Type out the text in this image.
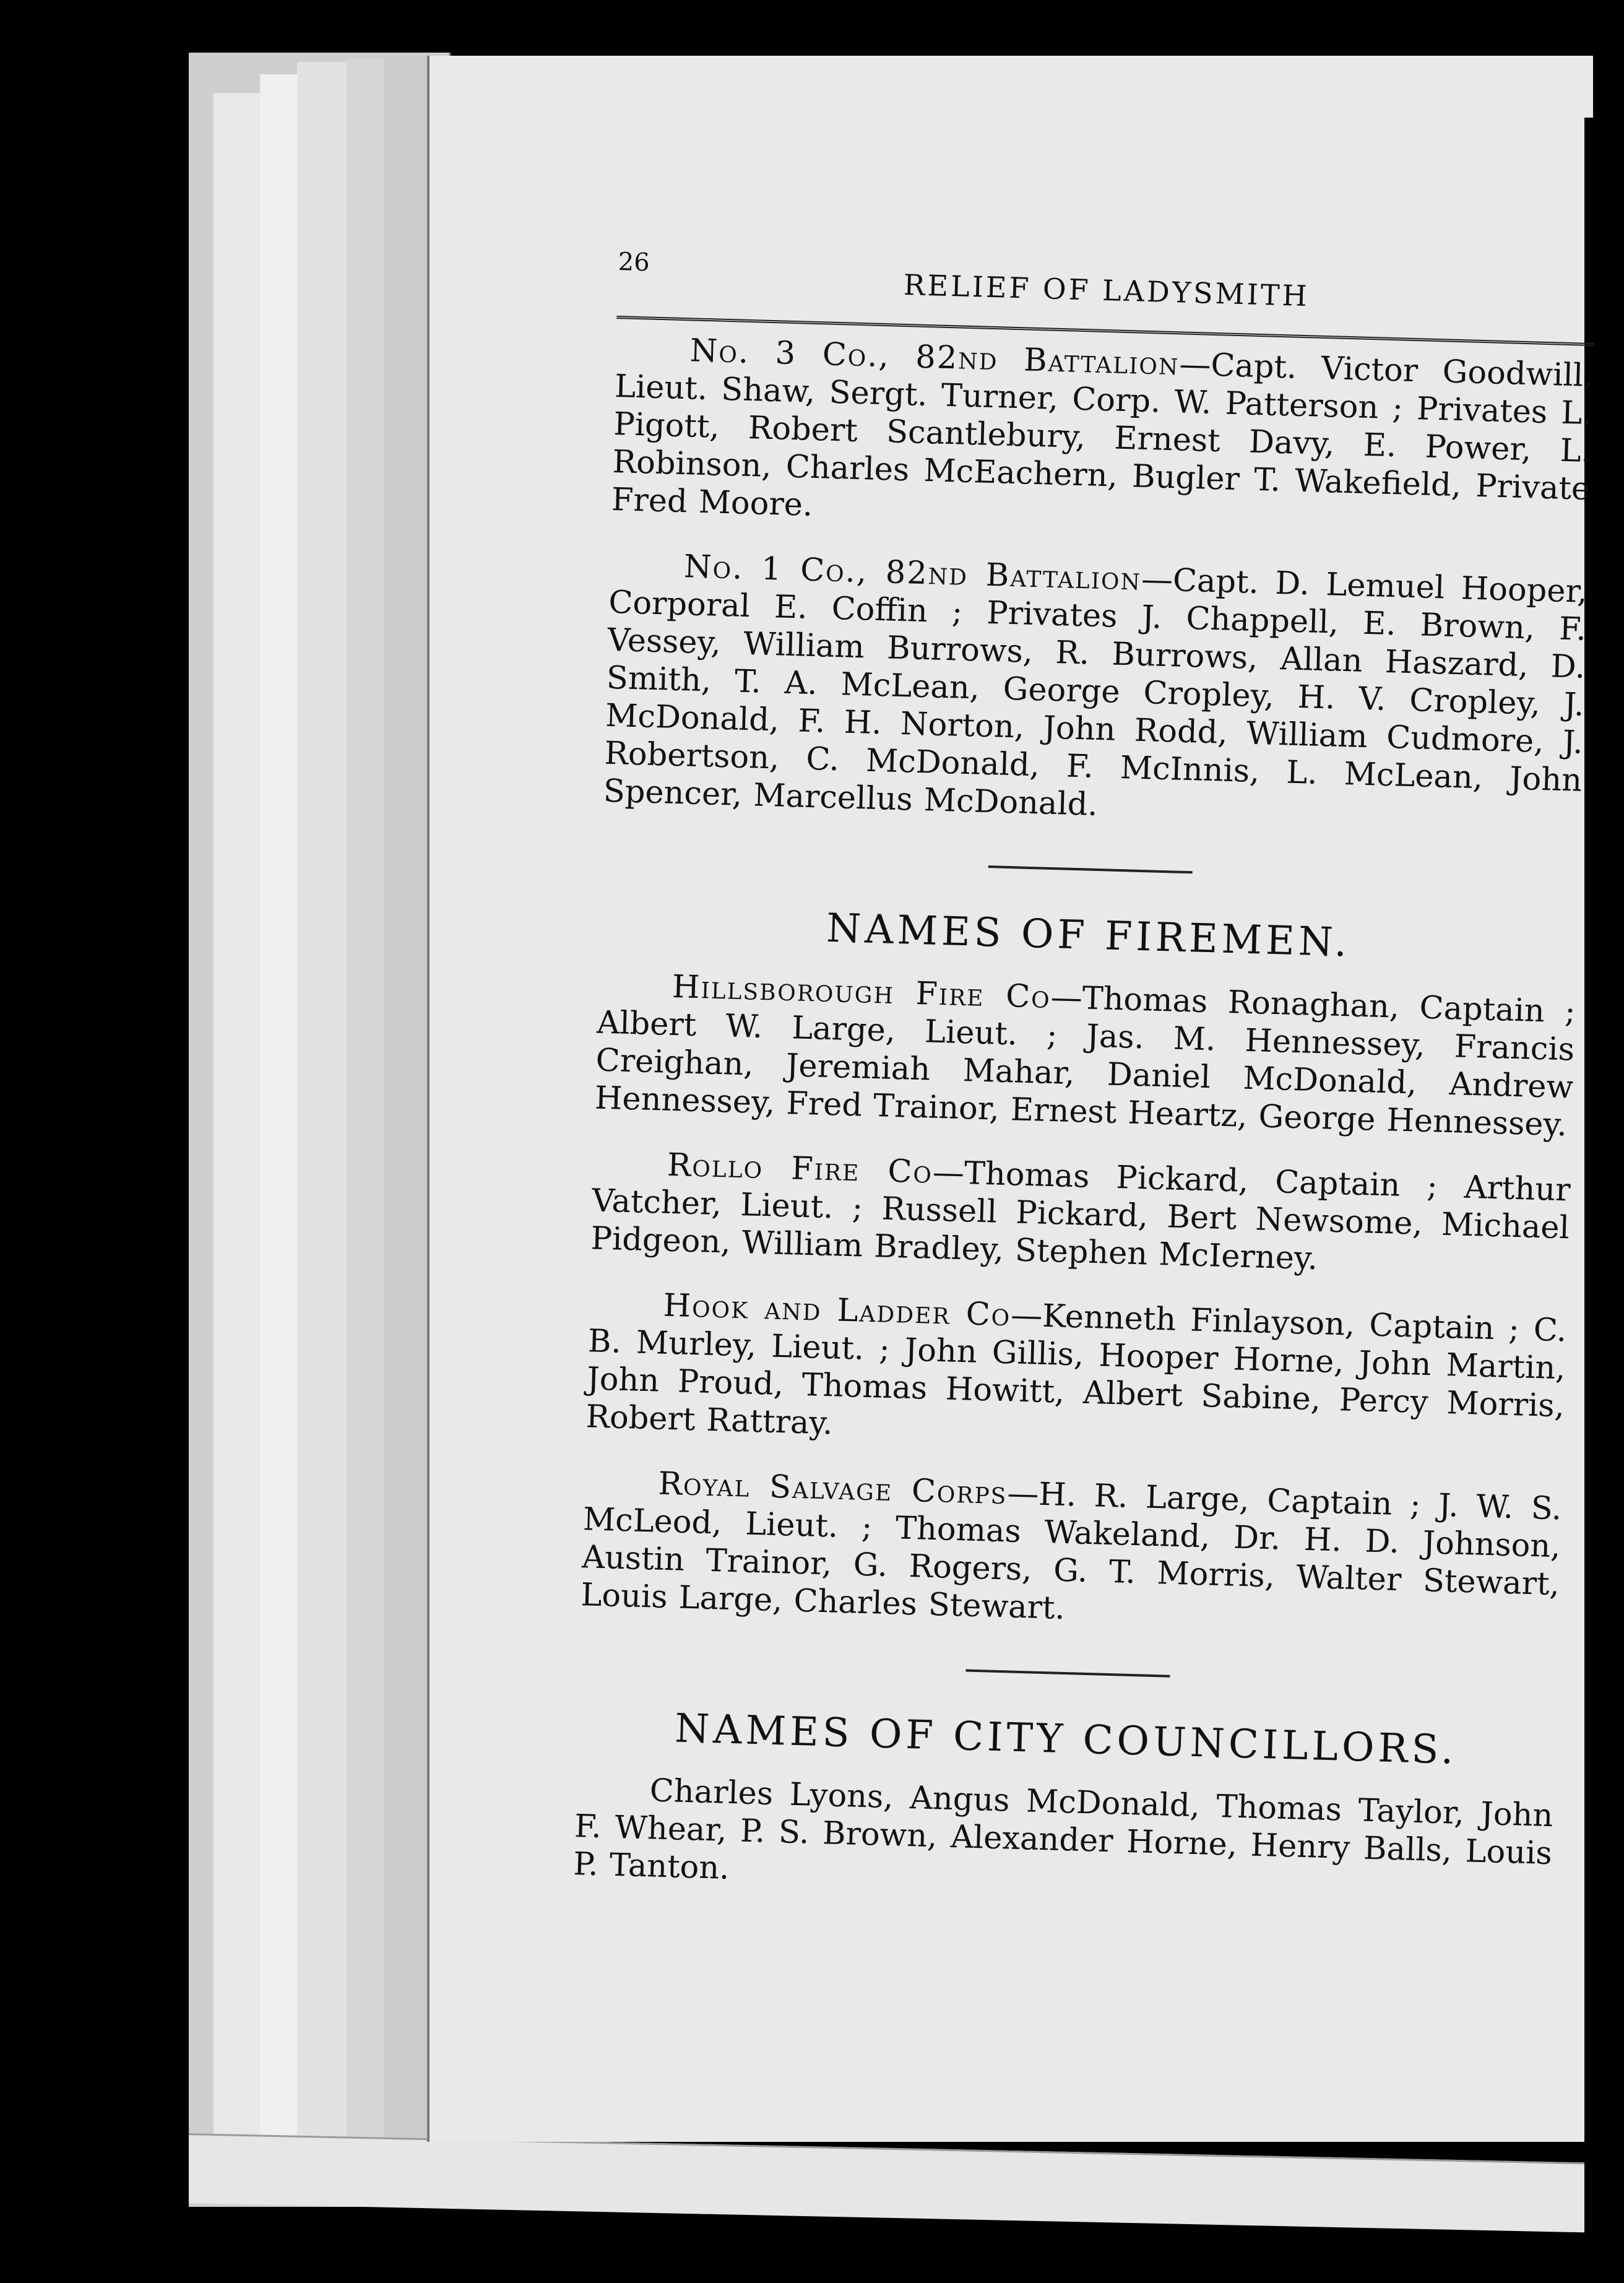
26
RELIEF OF LADYSMITH

No. 3 Co., 82nd Battalion—Capt. Victor Goodwill, Lieut. Shaw, Sergt. Turner, Corp. W. Patterson ; Privates L. Pigott, Robert Scantlebury, Ernest Davy, E. Power, L. Robinson, Charles McEachern, Bugler T. Wakefield, Private Fred Moore.

No. 1 Co., 82nd Battalion—Capt. D. Lemuel Hooper, Corporal E. Coffin ; Privates J. Chappell, E. Brown, F. Vessey, William Burrows, R. Burrows, Allan Haszard, D. Smith, T. A. McLean, George Cropley, H. V. Cropley, J. McDonald, F. H. Norton, John Rodd, William Cudmore, J. Robertson, C. McDonald, F. McInnis, L. McLean, John Spencer, Marcellus McDonald.

NAMES OF FIREMEN.

Hillsborough Fire Co—Thomas Ronaghan, Captain ; Albert W. Large, Lieut. ; Jas. M. Hennessey, Francis Creighan, Jeremiah Mahar, Daniel McDonald, Andrew Hennessey, Fred Trainor, Ernest Heartz, George Hennessey.

Rollo Fire Co—Thomas Pickard, Captain ; Arthur Vatcher, Lieut. ; Russell Pickard, Bert Newsome, Michael Pidgeon, William Bradley, Stephen McIerney.

Hook and Ladder Co—Kenneth Finlayson, Captain ; C. B. Murley, Lieut. ; John Gillis, Hooper Horne, John Martin, John Proud, Thomas Howitt, Albert Sabine, Percy Morris, Robert Rattray.

Royal Salvage Corps—H. R. Large, Captain ; J. W. S. McLeod, Lieut. ; Thomas Wakeland, Dr. H. D. Johnson, Austin Trainor, G. Rogers, G. T. Morris, Walter Stewart, Louis Large, Charles Stewart.

NAMES OF CITY COUNCILLORS.

Charles Lyons, Angus McDonald, Thomas Taylor, John F. Whear, P. S. Brown, Alexander Horne, Henry Balls, Louis P. Tanton.
